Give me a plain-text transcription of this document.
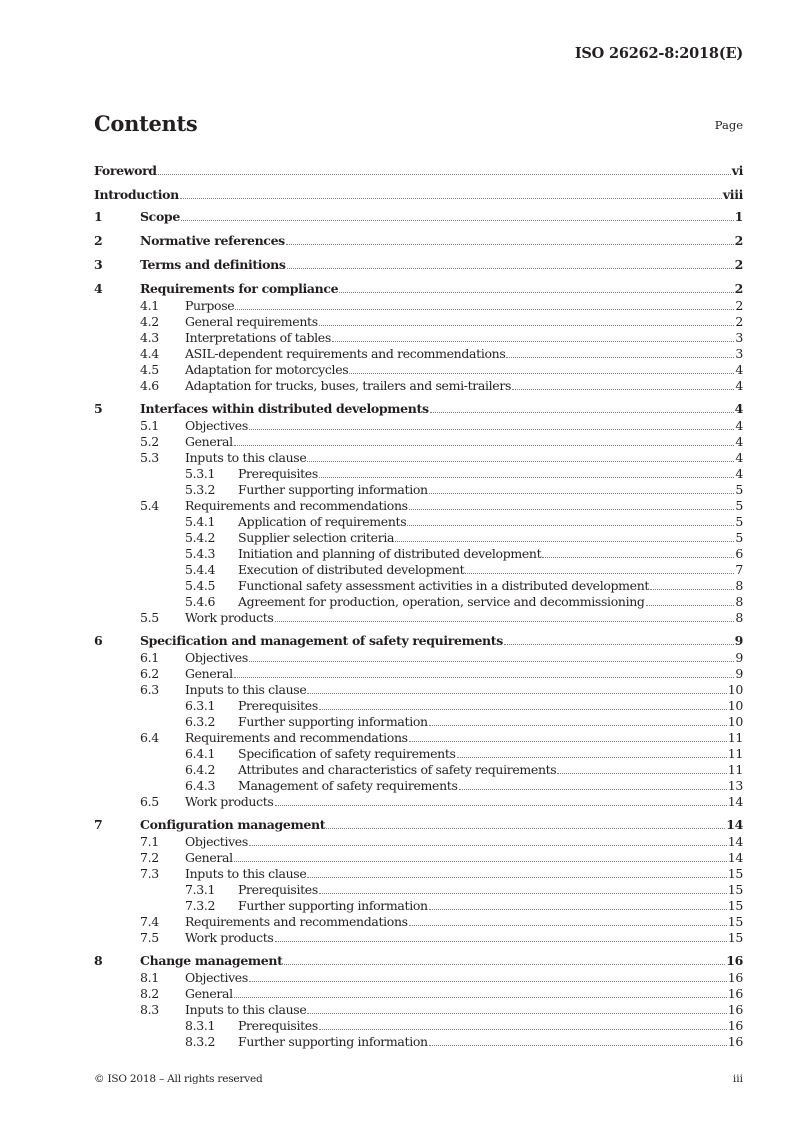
ISO 26262-8:2018(E)
Contents	Page
Foreword	vi
Introduction	viii
1	Scope	1
2	Normative references	2
3	Terms and definitions	2
4	Requirements for compliance	2
4.1	Purpose	2
4.2	General requirements	2
4.3	Interpretations of tables	3
4.4	ASIL-dependent requirements and recommendations	3
4.5	Adaptation for motorcycles	4
4.6	Adaptation for trucks, buses, trailers and semi-trailers	4
5	Interfaces within distributed developments	4
5.1	Objectives	4
5.2	General	4
5.3	Inputs to this clause	4
5.3.1	Prerequisites	4
5.3.2	Further supporting information	5
5.4	Requirements and recommendations	5
5.4.1	Application of requirements	5
5.4.2	Supplier selection criteria	5
5.4.3	Initiation and planning of distributed development	6
5.4.4	Execution of distributed development	7
5.4.5	Functional safety assessment activities in a distributed development	8
5.4.6	Agreement for production, operation, service and decommissioning	8
5.5	Work products	8
6	Specification and management of safety requirements	9
6.1	Objectives	9
6.2	General	9
6.3	Inputs to this clause	10
6.3.1	Prerequisites	10
6.3.2	Further supporting information	10
6.4	Requirements and recommendations	11
6.4.1	Specification of safety requirements	11
6.4.2	Attributes and characteristics of safety requirements	11
6.4.3	Management of safety requirements	13
6.5	Work products	14
7	Configuration management	14
7.1	Objectives	14
7.2	General	14
7.3	Inputs to this clause	15
7.3.1	Prerequisites	15
7.3.2	Further supporting information	15
7.4	Requirements and recommendations	15
7.5	Work products	15
8	Change management	16
8.1	Objectives	16
8.2	General	16
8.3	Inputs to this clause	16
8.3.1	Prerequisites	16
8.3.2	Further supporting information	16
© ISO 2018 – All rights reserved	iii
